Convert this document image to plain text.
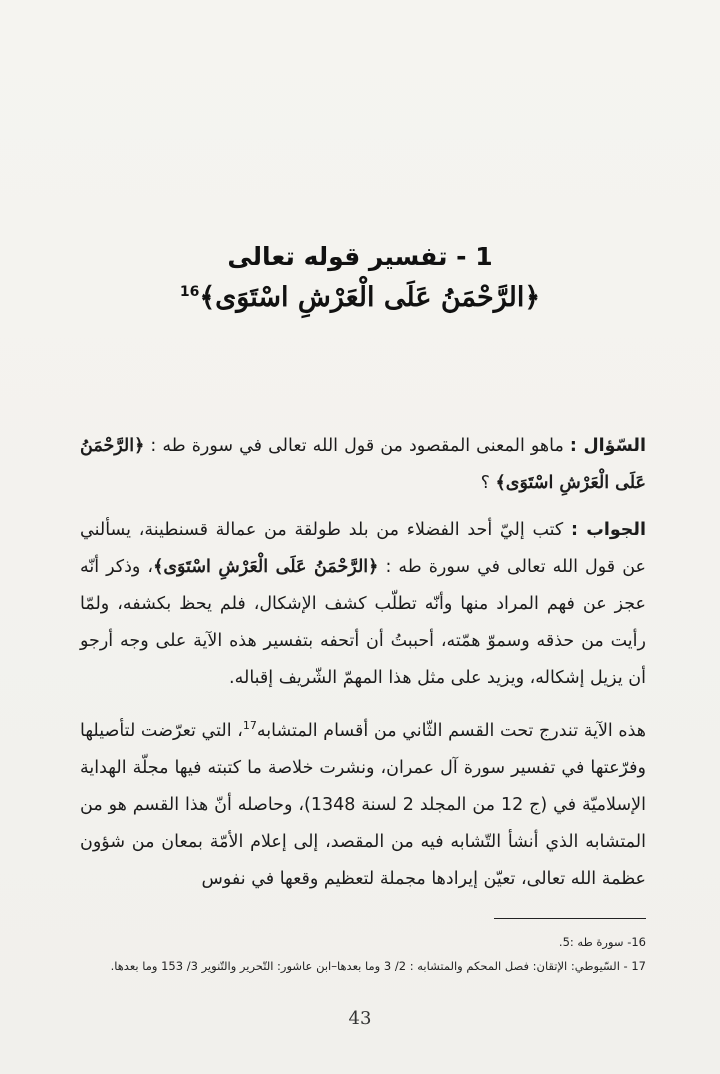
1 - تفسير قوله تعالى
﴿الرَّحْمَنُ عَلَى الْعَرْشِ اسْتَوَى﴾$^{16}$

السّؤال : ماهو المعنى المقصود من قول الله تعالى في سورة طه : ﴿الرَّحْمَنُ عَلَى الْعَرْشِ اسْتَوَى﴾ ؟

الجواب : كتب إليّ أحد الفضلاء من بلد طولقة من عمالة قسنطينة، يسألني عن قول الله تعالى في سورة طه : ﴿الرَّحْمَنُ عَلَى الْعَرْشِ اسْتَوَى﴾، وذكر أنّه عجز عن فهم المراد منها وأنّه تطلّب كشف الإشكال، فلم يحظ بكشفه، ولمّا رأيت من حذقه وسموّ همّته، أحببتُ أن أتحفه بتفسير هذه الآية على وجه أرجو أن يزيل إشكاله، ويزيد على مثل هذا المهمّ الشّريف إقباله.

هذه الآية تندرج تحت القسم الثّاني من أقسام المتشابه$^{17}$، التي تعرّضت لتأصيلها وفرّعتها في تفسير سورة آل عمران، ونشرت خلاصة ما كتبته فيها مجلّة الهداية الإسلاميّة في (ج 12 من المجلد 2 لسنة 1348)، وحاصله أنّ هذا القسم هو من المتشابه الذي أنشأ التّشابه فيه من المقصد، إلى إعلام الأمّة بمعان من شؤون عظمة الله تعالى، تعيّن إيرادها مجملة لتعظيم وقعها في نفوس

16- سورة طه :5.
17 - السّيوطي: الإتقان: فصل المحكم والمتشابه : 2/ 3 وما بعدها–ابن عاشور: التّحرير والتّنوير 3/ 153 وما بعدها.
43
